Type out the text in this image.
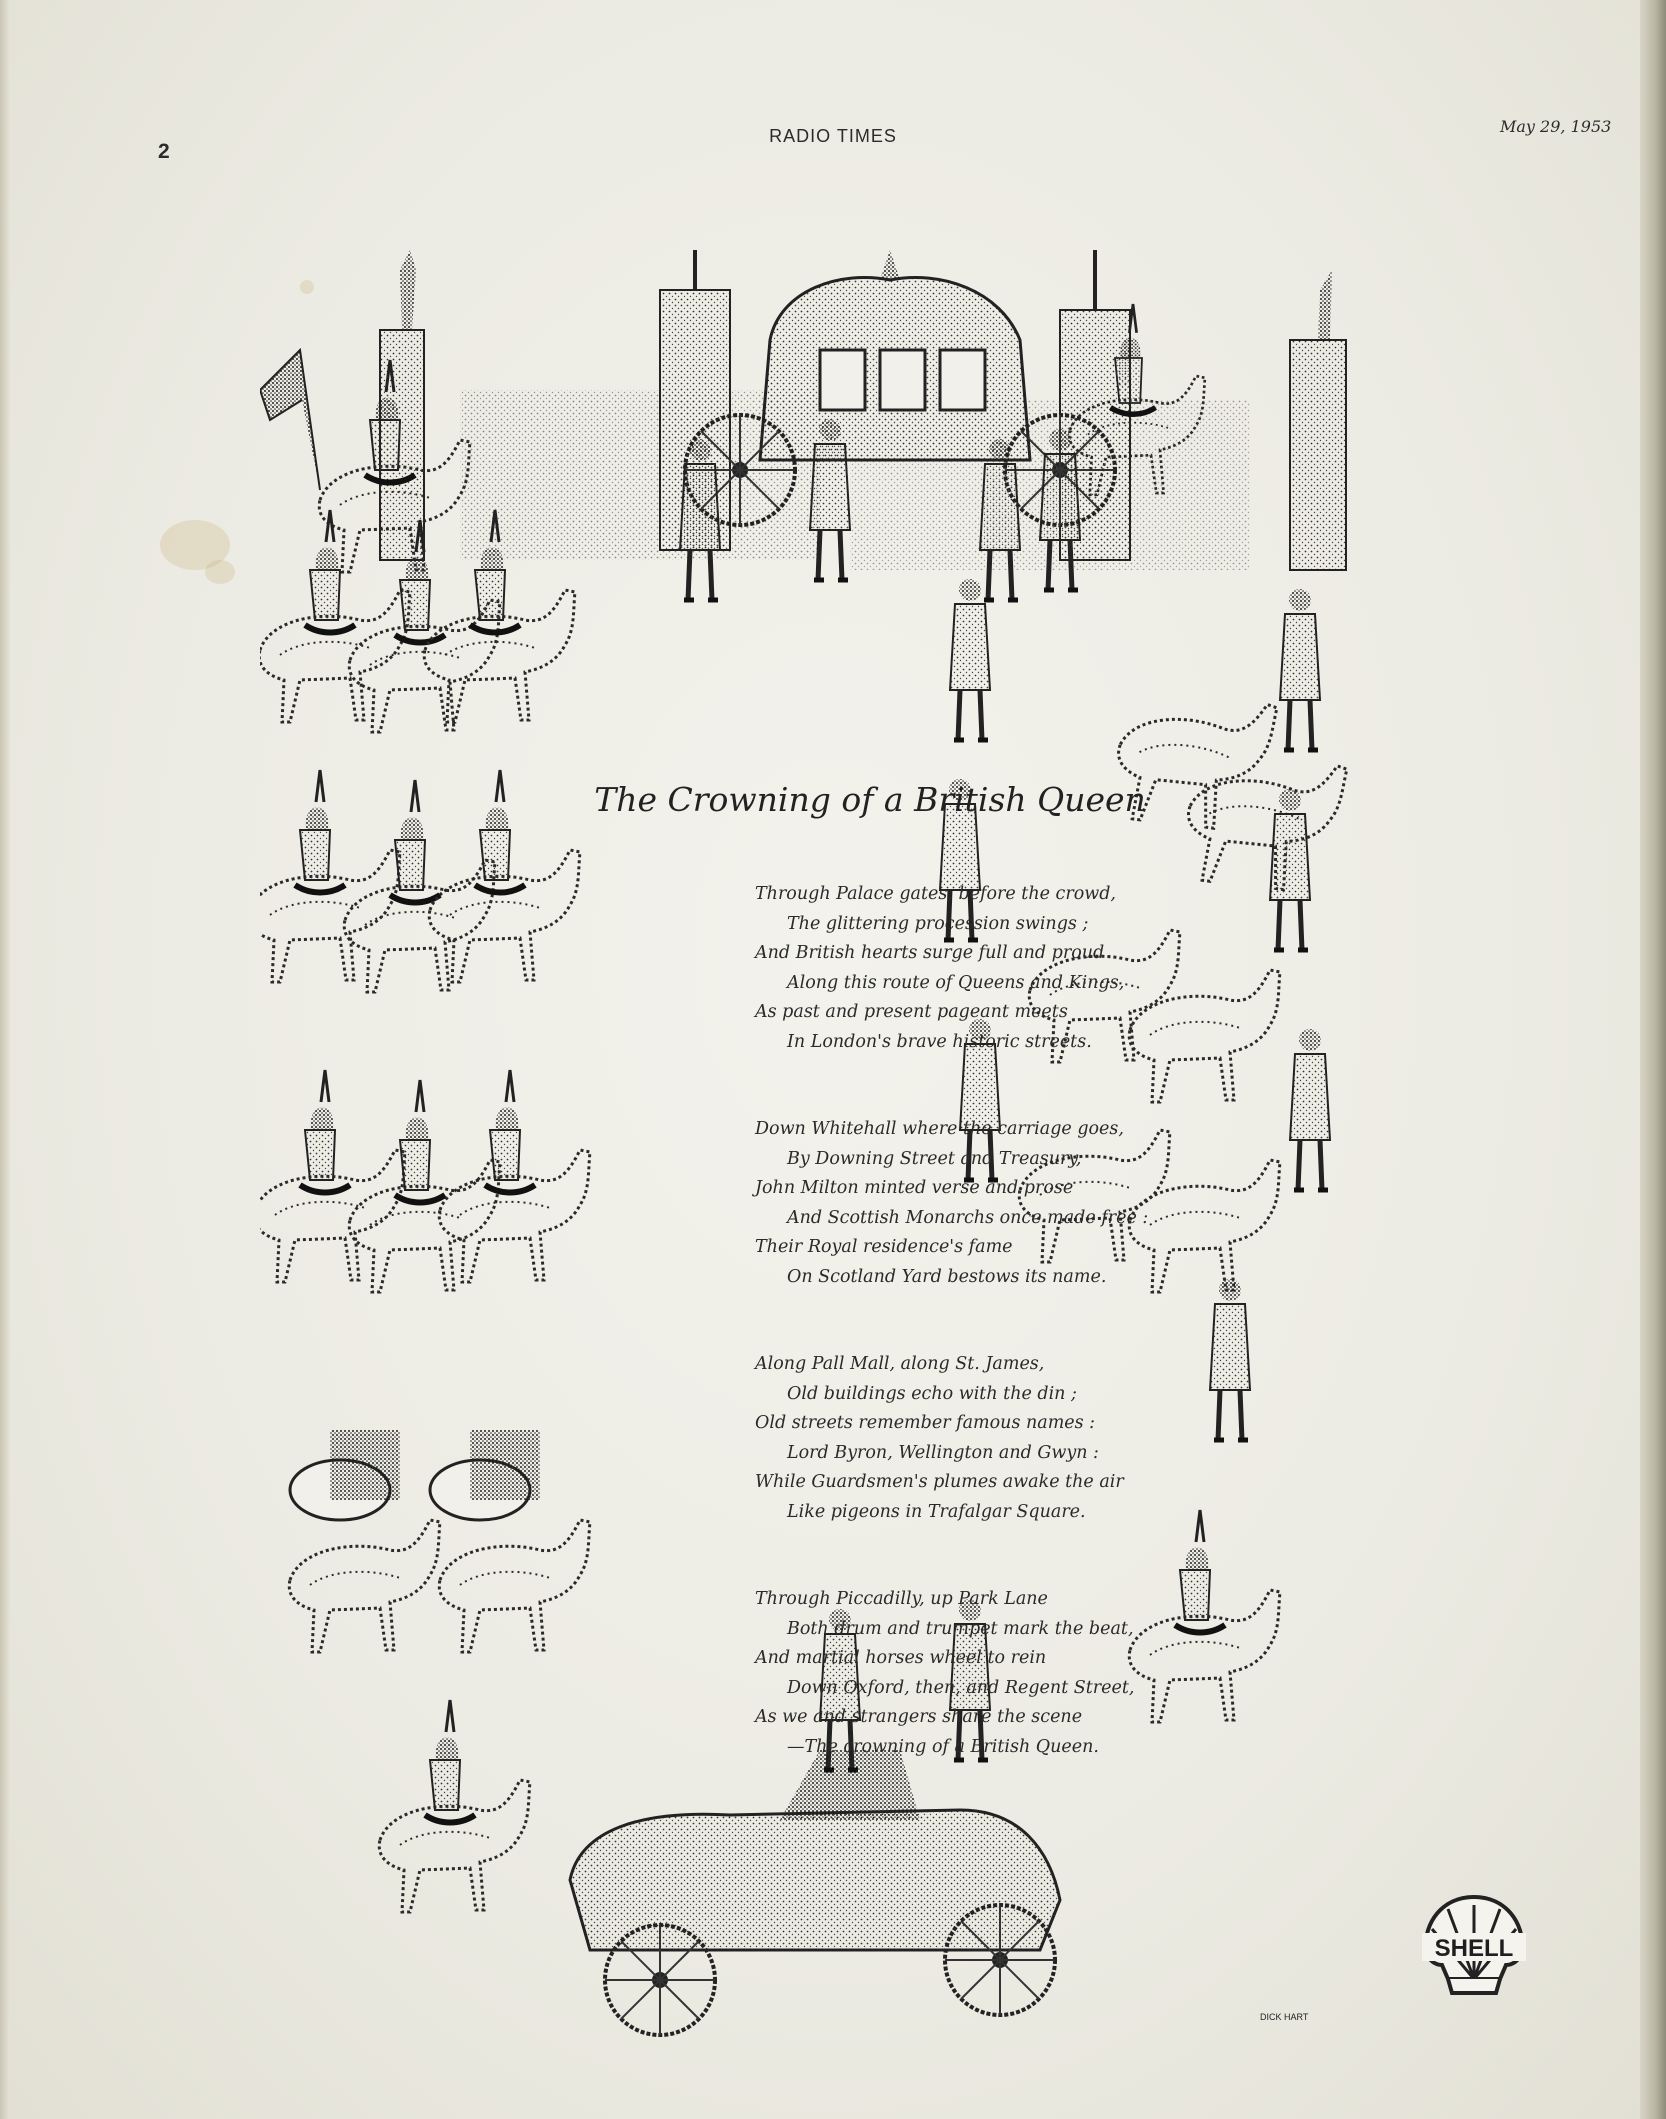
2
RADIO TIMES	May 29, 1953
DICK HART
The Crowning of a British Queen
Through Palace gates, before the crowd,
The glittering procession swings ;
And British hearts surge full and proud
Along this route of Queens and Kings,
As past and present pageant meets
In London's brave historic streets.
Down Whitehall where the carriage goes,
By Downing Street and Treasury,
John Milton minted verse and prose
And Scottish Monarchs once made free :
Their Royal residence's fame
On Scotland Yard bestows its name.
Along Pall Mall, along St. James,
Old buildings echo with the din ;
Old streets remember famous names :
Lord Byron, Wellington and Gwyn :
While Guardsmen's plumes awake the air
Like pigeons in Trafalgar Square.
Through Piccadilly, up Park Lane
Both drum and trumpet mark the beat,
And martial horses wheel to rein
Down Oxford, then, and Regent Street,
As we and strangers share the scene
—The crowning of a British Queen.
SHELL
